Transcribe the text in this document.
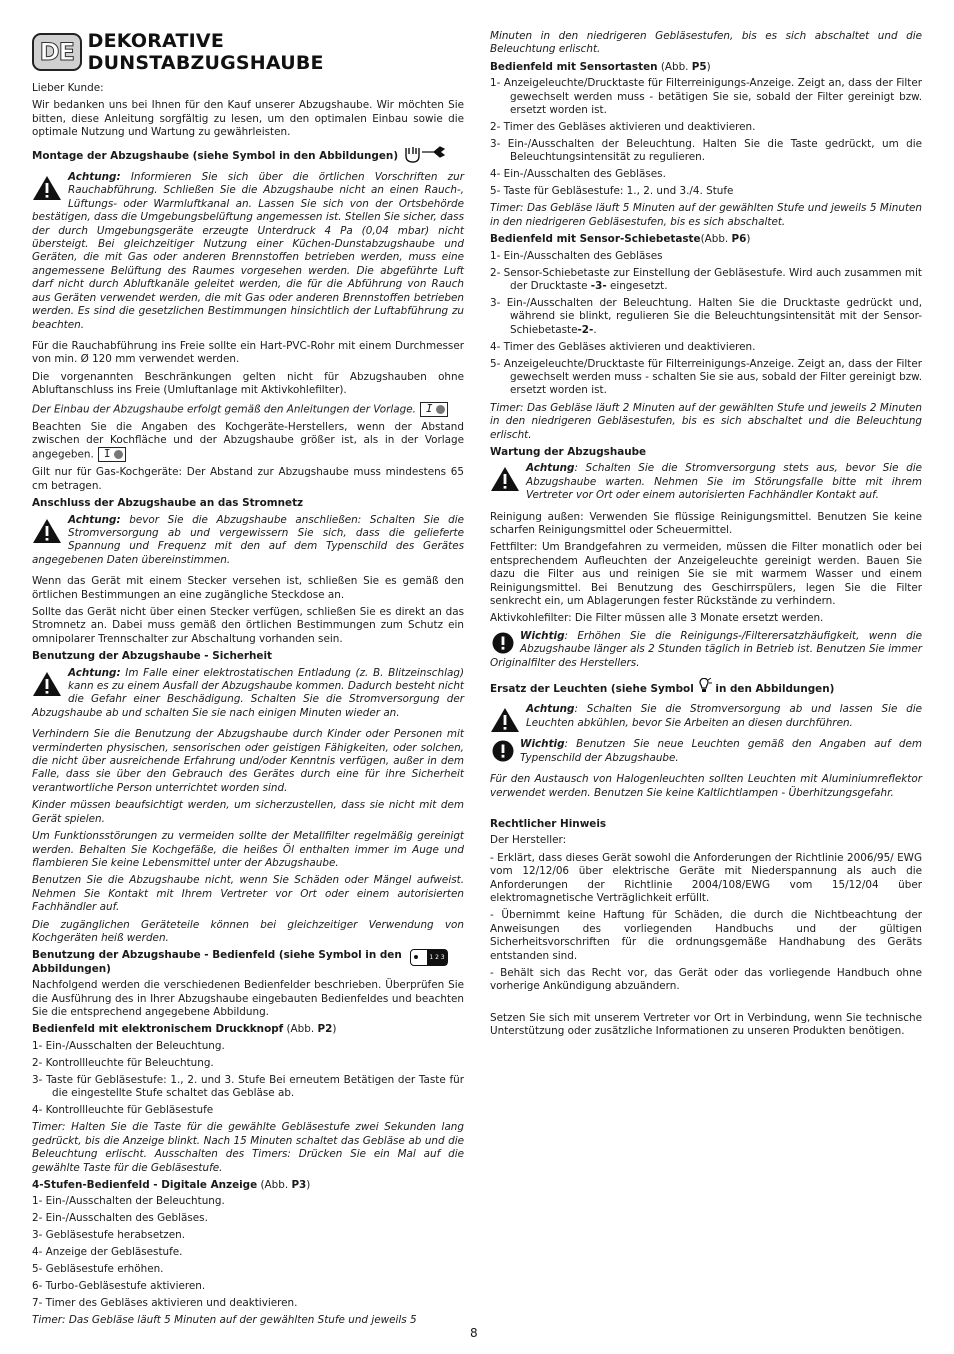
DE DEKORATIVE DUNSTABZUGSHAUBE

Lieber Kunde:

Wir bedanken uns bei Ihnen für den Kauf unserer Abzugshaube. Wir möchten Sie bitten, diese Anleitung sorgfältig zu lesen, um den optimalen Einbau sowie die optimale Nutzung und Wartung zu gewährleisten.

Montage der Abzugshaube (siehe Symbol in den Abbildungen)

Achtung: Informieren Sie sich über die örtlichen Vorschriften zur Rauchabführung. Schließen Sie die Abzugshaube nicht an einen Rauch-, Lüftungs- oder Warmluftkanal an. Lassen Sie sich von der Ortsbehörde bestätigen, dass die Umgebungsbelüftung angemessen ist. Stellen Sie sicher, dass der durch Umgebungsgeräte erzeugte Unterdruck 4 Pa (0,04 mbar) nicht übersteigt. Bei gleichzeitiger Nutzung einer Küchen-Dunstabzugshaube und Geräten, die mit Gas oder anderen Brennstoffen betrieben werden, muss eine angemessene Belüftung des Raumes vorgesehen werden. Die abgeführte Luft darf nicht durch Abluftkanäle geleitet werden, die für die Abführung von Rauch aus Geräten verwendet werden, die mit Gas oder anderen Brennstoffen betrieben werden. Es sind die gesetzlichen Bestimmungen hinsichtlich der Luftabführung zu beachten.

Für die Rauchabführung ins Freie sollte ein Hart-PVC-Rohr mit einem Durchmesser von min. Ø 120 mm verwendet werden.

Die vorgenannten Beschränkungen gelten nicht für Abzugshauben ohne Abluftanschluss ins Freie (Umluftanlage mit Aktivkohlefilter).

Der Einbau der Abzugshaube erfolgt gemäß den Anleitungen der Vorlage. I

Beachten Sie die Angaben des Kochgeräte-Herstellers, wenn der Abstand zwischen der Kochfläche und der Abzugshaube größer ist, als in der Vorlage angegeben. I

Gilt nur für Gas-Kochgeräte: Der Abstand zur Abzugshaube muss mindestens 65 cm betragen.

Anschluss der Abzugshaube an das Stromnetz

Achtung: bevor Sie die Abzugshaube anschließen: Schalten Sie die Stromversorgung ab und vergewissern Sie sich, dass die gelieferte Spannung und Frequenz mit den auf dem Typenschild des Gerätes angegebenen Daten übereinstimmen.

Wenn das Gerät mit einem Stecker versehen ist, schließen Sie es gemäß den örtlichen Bestimmungen an eine zugängliche Steckdose an.

Sollte das Gerät nicht über einen Stecker verfügen, schließen Sie es direkt an das Stromnetz an. Dabei muss gemäß den örtlichen Bestimmungen zum Schutz ein omnipolarer Trennschalter zur Abschaltung vorhanden sein.

Benutzung der Abzugshaube - Sicherheit

Achtung: Im Falle einer elektrostatischen Entladung (z. B. Blitzeinschlag) kann es zu einem Ausfall der Abzugshaube kommen. Dadurch besteht nicht die Gefahr einer Beschädigung. Schalten Sie die Stromversorgung der Abzugshaube ab und schalten Sie sie nach einigen Minuten wieder an.

Verhindern Sie die Benutzung der Abzugshaube durch Kinder oder Personen mit verminderten physischen, sensorischen oder geistigen Fähigkeiten, oder solchen, die nicht über ausreichende Erfahrung und/oder Kenntnis verfügen, außer in dem Falle, dass sie über den Gebrauch des Gerätes durch eine für ihre Sicherheit verantwortliche Person unterrichtet worden sind.

Kinder müssen beaufsichtigt werden, um sicherzustellen, dass sie nicht mit dem Gerät spielen.

Um Funktionsstörungen zu vermeiden sollte der Metallfilter regelmäßig gereinigt werden. Behalten Sie Kochgefäße, die heißes Öl enthalten immer im Auge und flambieren Sie keine Lebensmittel unter der Abzugshaube.

Benutzen Sie die Abzugshaube nicht, wenn Sie Schäden oder Mängel aufweist. Nehmen Sie Kontakt mit Ihrem Vertreter vor Ort oder einem autorisierten Fachhändler auf.

Die zugänglichen Geräteteile können bei gleichzeitiger Verwendung von Kochgeräten heiß werden.

Benutzung der Abzugshaube - Bedienfeld (siehe Symbol in den Abbildungen)
1 2 3

Nachfolgend werden die verschiedenen Bedienfelder beschrieben. Überprüfen Sie die Ausführung des in Ihrer Abzugshaube eingebauten Bedienfeldes und beachten Sie die entsprechend angegebene Abbildung.

Bedienfeld mit elektronischem Druckknopf (Abb. P2)
1- Ein-/Ausschalten der Beleuchtung.
2- Kontrollleuchte für Beleuchtung.
3- Taste für Gebläsestufe: 1., 2. und 3. Stufe Bei erneutem Betätigen der Taste für die eingestellte Stufe schaltet das Gebläse ab.
4- Kontrollleuchte für Gebläsestufe

Timer: Halten Sie die Taste für die gewählte Gebläsestufe zwei Sekunden lang gedrückt, bis die Anzeige blinkt. Nach 15 Minuten schaltet das Gebläse ab und die Beleuchtung erlischt. Ausschalten des Timers: Drücken Sie ein Mal auf die gewählte Taste für die Gebläsestufe.

4-Stufen-Bedienfeld - Digitale Anzeige (Abb. P3)
1- Ein-/Ausschalten der Beleuchtung.
2- Ein-/Ausschalten des Gebläses.
3- Gebläsestufe herabsetzen.
4- Anzeige der Gebläsestufe.
5- Gebläsestufe erhöhen.
6- Turbo-Gebläsestufe aktivieren.
7- Timer des Gebläses aktivieren und deaktivieren.

Timer: Das Gebläse läuft 5 Minuten auf der gewählten Stufe und jeweils 5

Minuten in den niedrigeren Gebläsestufen, bis es sich abschaltet und die Beleuchtung erlischt.

Bedienfeld mit Sensortasten (Abb. P5)
1- Anzeigeleuchte/Drucktaste für Filterreinigungs-Anzeige. Zeigt an, dass der Filter gewechselt werden muss - betätigen Sie sie, sobald der Filter gereinigt bzw. ersetzt worden ist.
2- Timer des Gebläses aktivieren und deaktivieren.
3- Ein-/Ausschalten der Beleuchtung. Halten Sie die Taste gedrückt, um die Beleuchtungsintensität zu regulieren.
4- Ein-/Ausschalten des Gebläses.
5- Taste für Gebläsestufe: 1., 2. und 3./4. Stufe

Timer: Das Gebläse läuft 5 Minuten auf der gewählten Stufe und jeweils 5 Minuten in den niedrigeren Gebläsestufen, bis es sich abschaltet.

Bedienfeld mit Sensor-Schiebetaste(Abb. P6)
1- Ein-/Ausschalten des Gebläses
2- Sensor-Schiebetaste zur Einstellung der Gebläsestufe. Wird auch zusammen mit der Drucktaste -3- eingesetzt.
3- Ein-/Ausschalten der Beleuchtung. Halten Sie die Drucktaste gedrückt und, während sie blinkt, regulieren Sie die Beleuchtungsintensität mit der Sensor-Schiebetaste-2-.
4- Timer des Gebläses aktivieren und deaktivieren.
5- Anzeigeleuchte/Drucktaste für Filterreinigungs-Anzeige. Zeigt an, dass der Filter gewechselt werden muss - schalten Sie sie aus, sobald der Filter gereinigt bzw. ersetzt worden ist.

Timer: Das Gebläse läuft 2 Minuten auf der gewählten Stufe und jeweils 2 Minuten in den niedrigeren Gebläsestufen, bis es sich abschaltet und die Beleuchtung erlischt.

Wartung der Abzugshaube

Achtung: Schalten Sie die Stromversorgung stets aus, bevor Sie die Abzugshaube warten. Nehmen Sie im Störungsfalle bitte mit ihrem Vertreter vor Ort oder einem autorisierten Fachhändler Kontakt auf.

Reinigung außen: Verwenden Sie flüssige Reinigungsmittel. Benutzen Sie keine scharfen Reinigungsmittel oder Scheuermittel.

Fettfilter: Um Brandgefahren zu vermeiden, müssen die Filter monatlich oder bei entsprechendem Aufleuchten der Anzeigeleuchte gereinigt werden. Bauen Sie dazu die Filter aus und reinigen Sie sie mit warmem Wasser und einem Reinigungsmittel. Bei Benutzung des Geschirrspülers, legen Sie die Filter senkrecht ein, um Ablagerungen fester Rückstände zu verhindern.

Aktivkohlefilter: Die Filter müssen alle 3 Monate ersetzt werden.

Wichtig: Erhöhen Sie die Reinigungs-/Filterersatzhäufigkeit, wenn die Abzugshaube länger als 2 Stunden täglich in Betrieb ist. Benutzen Sie immer Originalfilter des Herstellers.

Ersatz der Leuchten (siehe Symbol in den Abbildungen)

Achtung: Schalten Sie die Stromversorgung ab und lassen Sie die Leuchten abkühlen, bevor Sie Arbeiten an diesen durchführen.

Wichtig: Benutzen Sie neue Leuchten gemäß den Angaben auf dem Typenschild der Abzugshaube.

Für den Austausch von Halogenleuchten sollten Leuchten mit Aluminiumreflektor verwendet werden. Benutzen Sie keine Kaltlichtlampen - Überhitzungsgefahr.

Rechtlicher Hinweis

Der Hersteller:

- Erklärt, dass dieses Gerät sowohl die Anforderungen der Richtlinie 2006/95/ EWG vom 12/12/06 über elektrische Geräte mit Niederspannung als auch die Anforderungen der Richtlinie 2004/108/EWG vom 15/12/04 über elektromagnetische Verträglichkeit erfüllt.

- Übernimmt keine Haftung für Schäden, die durch die Nichtbeachtung der Anweisungen des vorliegenden Handbuchs und der gültigen Sicherheitsvorschriften für die ordnungsgemäße Handhabung des Geräts entstanden sind.

- Behält sich das Recht vor, das Gerät oder das vorliegende Handbuch ohne vorherige Ankündigung abzuändern.

Setzen Sie sich mit unserem Vertreter vor Ort in Verbindung, wenn Sie technische Unterstützung oder zusätzliche Informationen zu unseren Produkten benötigen.

8
